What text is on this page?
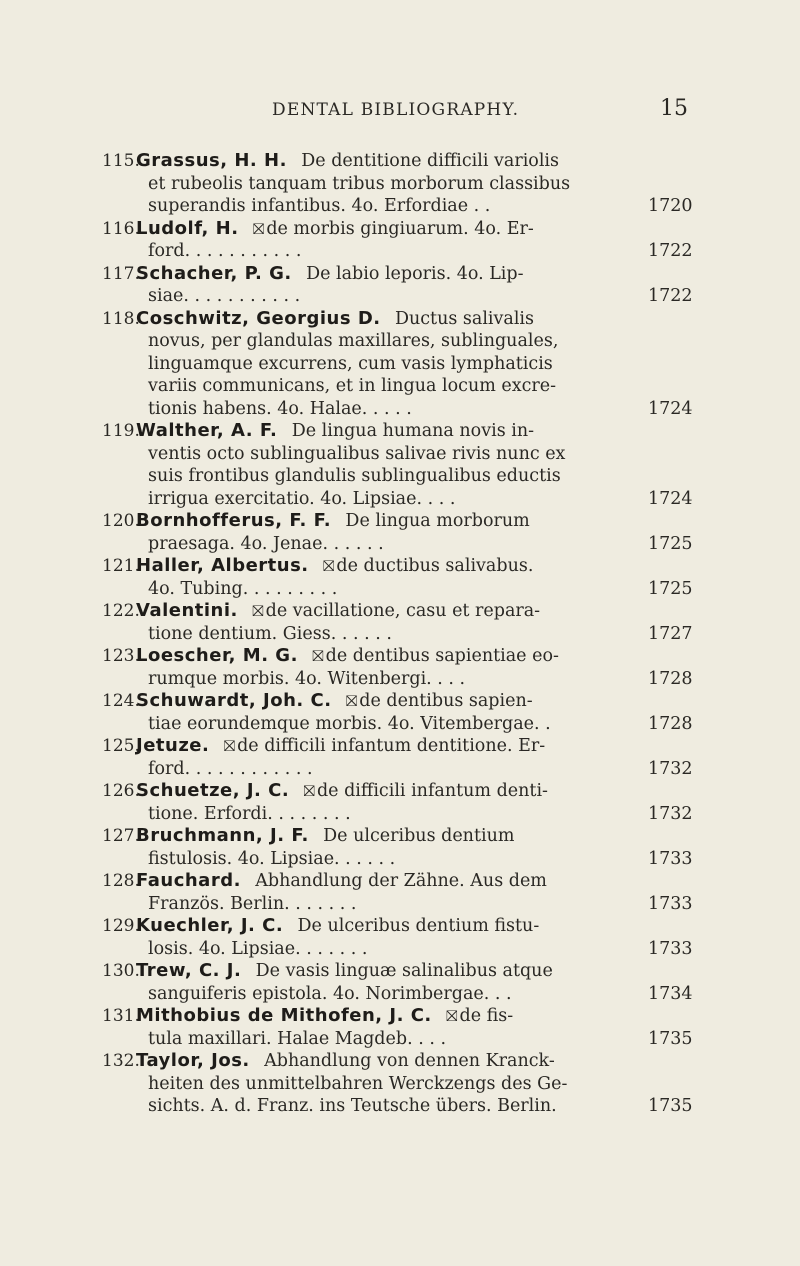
DENTAL BIBLIOGRAPHY.	15
115.
Grassus, H. H.  De dentitione difficili variolis
et rubeolis tanquam tribus morborum classibus
superandis infantibus. 4o. Erfordiae . .	1720
116.
Ludolf, H.  ⛝ de morbis gingiuarum. 4o. Er-
ford. . . . . . . . . . .	1722
117.
Schacher, P. G.  De labio leporis. 4o. Lip-
siae. . . . . . . . . . .	1722
118.
Coschwitz, Georgius D.  Ductus salivalis
novus, per glandulas maxillares, sublinguales,
linguamque excurrens, cum vasis lymphaticis
variis communicans, et in lingua locum excre-
tionis habens. 4o. Halae. . . . .	1724
119.
Walther, A. F.  De lingua humana novis in-
ventis octo sublingualibus salivae rivis nunc ex
suis frontibus glandulis sublingualibus eductis
irrigua exercitatio. 4o. Lipsiae. . . .	1724
120.
Bornhofferus, F. F.  De lingua morborum
praesaga. 4o. Jenae. . . . . .	1725
121.
Haller, Albertus.  ⛝ de ductibus salivabus.
4o. Tubing. . . . . . . . .	1725
122.
Valentini.  ⛝ de vacillatione, casu et repara-
tione dentium. Giess. . . . . .	1727
123.
Loescher, M. G.  ⛝ de dentibus sapientiae eo-
rumque morbis. 4o. Witenbergi. . . .	1728
124.
Schuwardt, Joh. C.  ⛝ de dentibus sapien-
tiae eorundemque morbis. 4o. Vitembergae. .	1728
125.
Jetuze.  ⛝ de difficili infantum dentitione. Er-
ford. . . . . . . . . . . .	1732
126.
Schuetze, J. C.  ⛝ de difficili infantum denti-
tione. Erfordi. . . . . . . .	1732
127.
Bruchmann, J. F.  De ulceribus dentium
fistulosis. 4o. Lipsiae. . . . . .	1733
128.
Fauchard.  Abhandlung der Zähne. Aus dem
Französ. Berlin. . . . . . .	1733
129.
Kuechler, J. C.  De ulceribus dentium fistu-
losis. 4o. Lipsiae. . . . . . .	1733
130.
Trew, C. J.  De vasis linguæ salinalibus atque
sanguiferis epistola. 4o. Norimbergae. . .	1734
131.
Mithobius de Mithofen, J. C.  ⛝ de fis-
tula maxillari. Halae Magdeb. . . .	1735
132.
Taylor, Jos.  Abhandlung von dennen Kranck-
heiten des unmittelbahren Werckzengs des Ge-
sichts. A. d. Franz. ins Teutsche übers. Berlin.	1735
